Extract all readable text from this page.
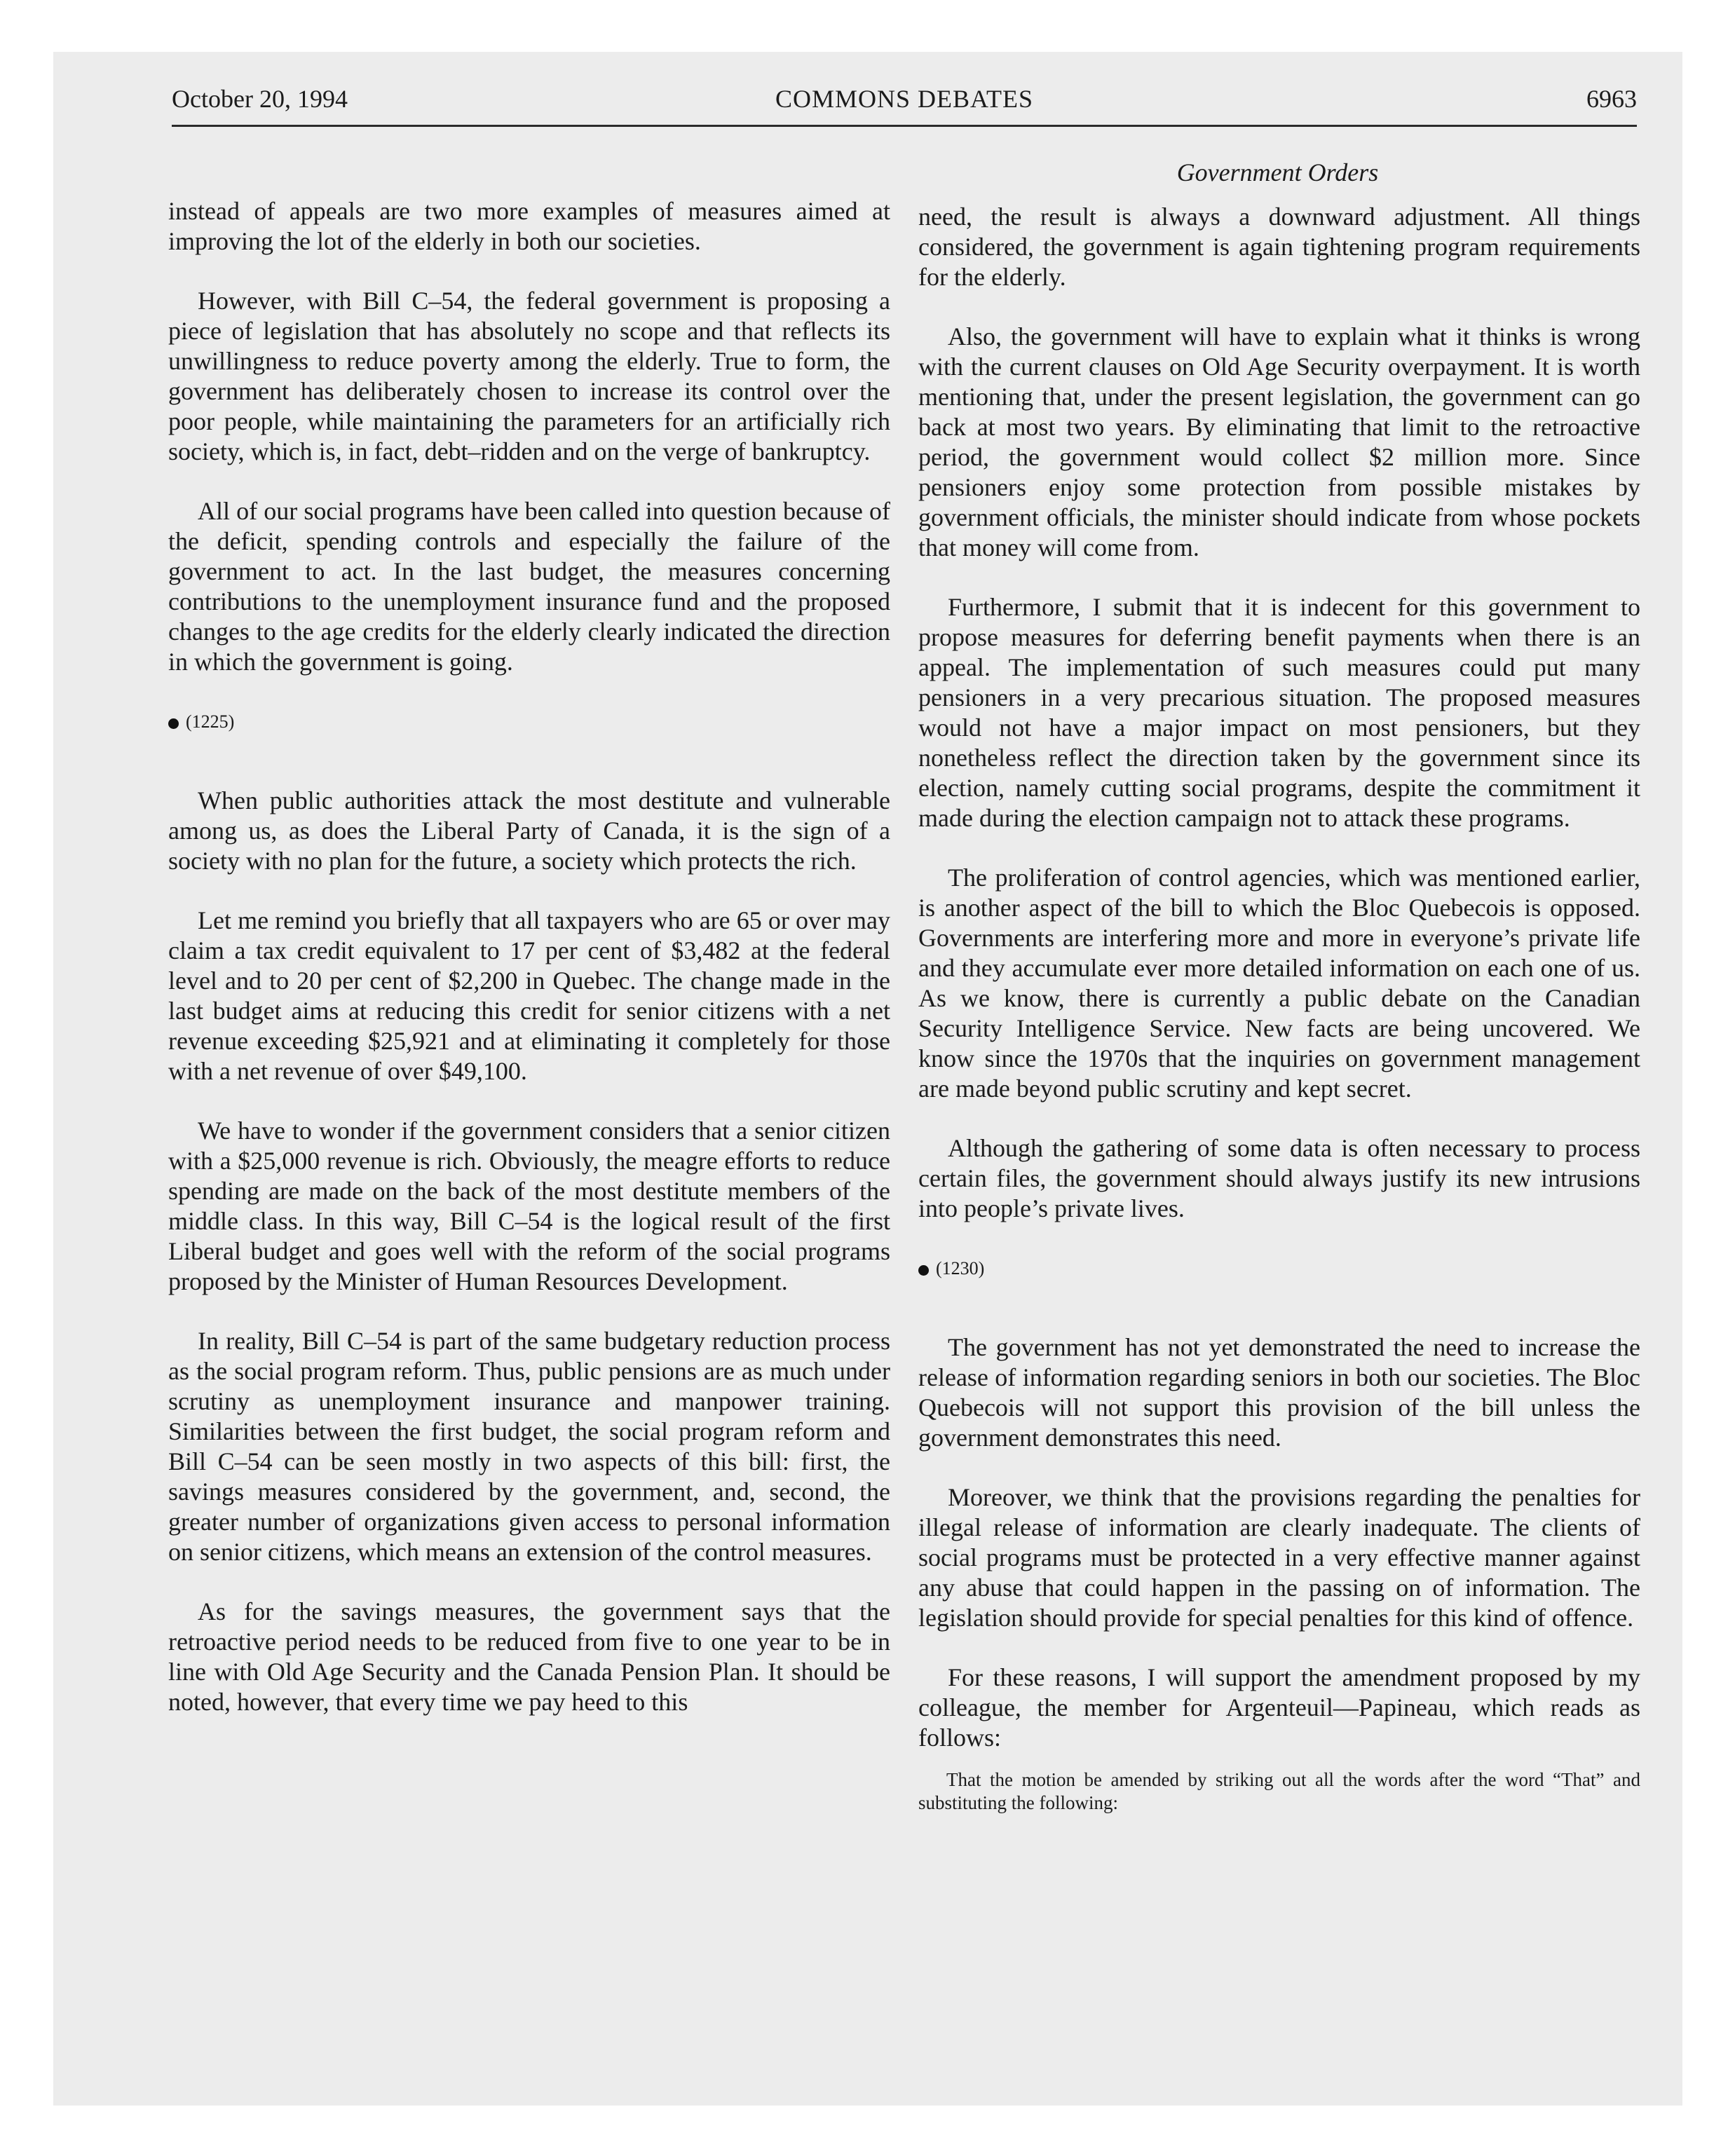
October 20, 1994	COMMONS DEBATES	6963
Government Orders

instead of appeals are two more examples of measures aimed at improving the lot of the elderly in both our societies.

However, with Bill C–54, the federal government is proposing a piece of legislation that has absolutely no scope and that reflects its unwillingness to reduce poverty among the elderly. True to form, the government has deliberately chosen to increase its control over the poor people, while maintaining the parameters for an artificially rich society, which is, in fact, debt–ridden and on the verge of bankruptcy.

All of our social programs have been called into question because of the deficit, spending controls and especially the failure of the government to act. In the last budget, the measures concerning contributions to the unemployment insurance fund and the proposed changes to the age credits for the elderly clearly indicated the direction in which the government is going.

(1225)

When public authorities attack the most destitute and vulnerable among us, as does the Liberal Party of Canada, it is the sign of a society with no plan for the future, a society which protects the rich.

Let me remind you briefly that all taxpayers who are 65 or over may claim a tax credit equivalent to 17 per cent of $3,482 at the federal level and to 20 per cent of $2,200 in Quebec. The change made in the last budget aims at reducing this credit for senior citizens with a net revenue exceeding $25,921 and at eliminating it completely for those with a net revenue of over $49,100.

We have to wonder if the government considers that a senior citizen with a $25,000 revenue is rich. Obviously, the meagre efforts to reduce spending are made on the back of the most destitute members of the middle class. In this way, Bill C–54 is the logical result of the first Liberal budget and goes well with the reform of the social programs proposed by the Minister of Human Resources Development.

In reality, Bill C–54 is part of the same budgetary reduction process as the social program reform. Thus, public pensions are as much under scrutiny as unemployment insurance and manpower training. Similarities between the first budget, the social program reform and Bill C–54 can be seen mostly in two aspects of this bill: first, the savings measures considered by the government, and, second, the greater number of organizations given access to personal information on senior citizens, which means an extension of the control measures.

As for the savings measures, the government says that the retroactive period needs to be reduced from five to one year to be in line with Old Age Security and the Canada Pension Plan. It should be noted, however, that every time we pay heed to this

need, the result is always a downward adjustment. All things considered, the government is again tightening program requirements for the elderly.

Also, the government will have to explain what it thinks is wrong with the current clauses on Old Age Security overpayment. It is worth mentioning that, under the present legislation, the government can go back at most two years. By eliminating that limit to the retroactive period, the government would collect $2 million more. Since pensioners enjoy some protection from possible mistakes by government officials, the minister should indicate from whose pockets that money will come from.

Furthermore, I submit that it is indecent for this government to propose measures for deferring benefit payments when there is an appeal. The implementation of such measures could put many pensioners in a very precarious situation. The proposed measures would not have a major impact on most pensioners, but they nonetheless reflect the direction taken by the government since its election, namely cutting social programs, despite the commitment it made during the election campaign not to attack these programs.

The proliferation of control agencies, which was mentioned earlier, is another aspect of the bill to which the Bloc Quebecois is opposed. Governments are interfering more and more in everyone’s private life and they accumulate ever more detailed information on each one of us. As we know, there is currently a public debate on the Canadian Security Intelligence Service. New facts are being uncovered. We know since the 1970s that the inquiries on government management are made beyond public scrutiny and kept secret.

Although the gathering of some data is often necessary to process certain files, the government should always justify its new intrusions into people’s private lives.

(1230)

The government has not yet demonstrated the need to increase the release of information regarding seniors in both our societies. The Bloc Quebecois will not support this provision of the bill unless the government demonstrates this need.

Moreover, we think that the provisions regarding the penalties for illegal release of information are clearly inadequate. The clients of social programs must be protected in a very effective manner against any abuse that could happen in the passing on of information. The legislation should provide for special penalties for this kind of offence.

For these reasons, I will support the amendment proposed by my colleague, the member for Argenteuil—Papineau, which reads as follows:

That the motion be amended by striking out all the words after the word “That” and substituting the following:
